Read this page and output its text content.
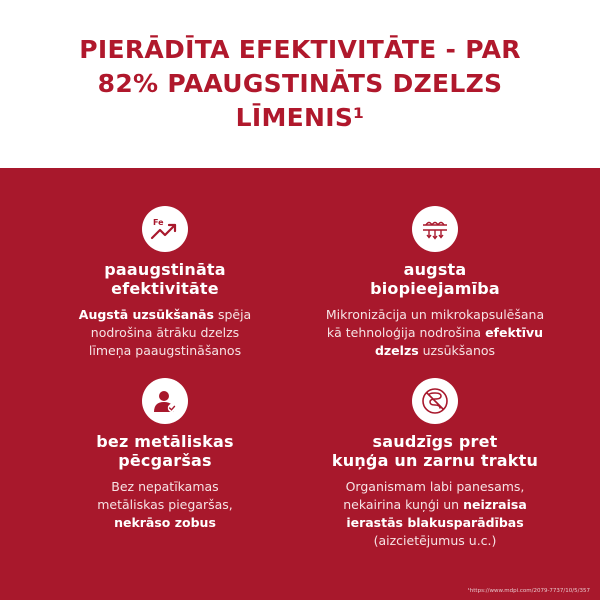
PIERĀDĪTA EFEKTIVITĀTE - PAR 82% PAAUGSTINĀTS DZELZS LĪMENIS¹
Fe
paaugstināta
efektivitāte
Augstā uzsūkšanās spēja
nodrošina ātrāku dzelzs
līmeņa paaugstināšanos
augsta
biopieejamība
Mikronizācija un mikrokapsulēšana
kā tehnoloģija nodrošina efektīvu
dzelzs uzsūkšanos
bez metāliskas
pēcgaršas
Bez nepatīkamas
metāliskas piegaršas,
nekrāso zobus
saudzīgs pret
kuņģa un zarnu traktu
Organismam labi panesams,
nekairina kuņģi un neizraisa
ierastās blakusparādības
(aizcietējumus u.c.)
¹https://www.mdpi.com/2079-7737/10/5/357
